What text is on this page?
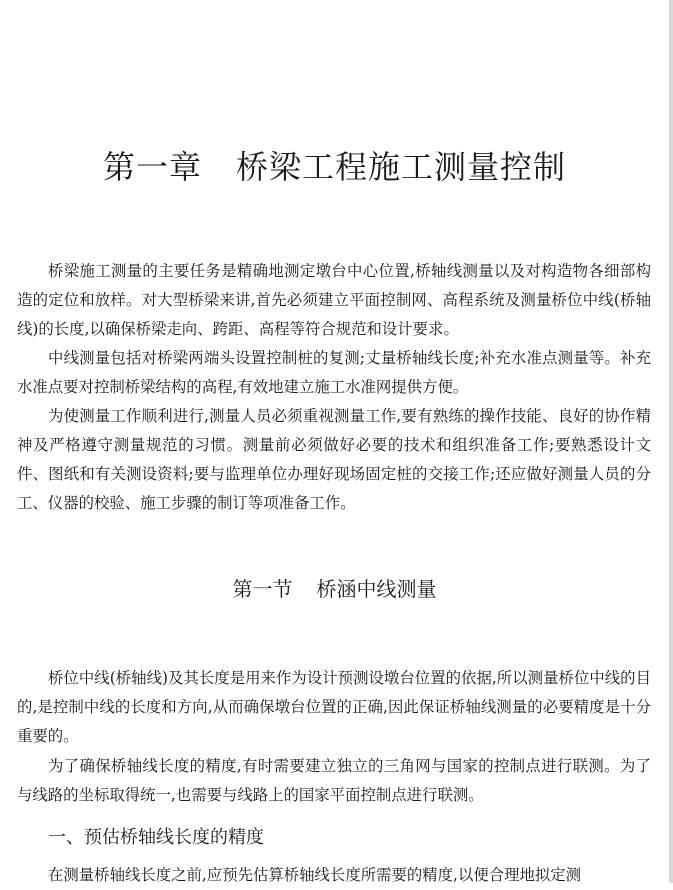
第一章 桥梁工程施工测量控制

桥梁施工测量的主要任务是精确地测定墩台中心位置,桥轴线测量以及对构造物各细部构造的定位和放样。对大型桥梁来讲,首先必须建立平面控制网、高程系统及测量桥位中线(桥轴线)的长度,以确保桥梁走向、跨距、高程等符合规范和设计要求。

中线测量包括对桥梁两端头设置控制桩的复测;丈量桥轴线长度;补充水准点测量等。补充水准点要对控制桥梁结构的高程,有效地建立施工水准网提供方便。

为使测量工作顺利进行,测量人员必须重视测量工作,要有熟练的操作技能、良好的协作精神及严格遵守测量规范的习惯。测量前必须做好必要的技术和组织准备工作;要熟悉设计文件、图纸和有关测设资料;要与监理单位办理好现场固定桩的交接工作;还应做好测量人员的分工、仪器的校验、施工步骤的制订等项准备工作。

第一节 桥涵中线测量

桥位中线(桥轴线)及其长度是用来作为设计预测设墩台位置的依据,所以测量桥位中线的目的,是控制中线的长度和方向,从而确保墩台位置的正确,因此保证桥轴线测量的必要精度是十分重要的。

为了确保桥轴线长度的精度,有时需要建立独立的三角网与国家的控制点进行联测。为了与线路的坐标取得统一,也需要与线路上的国家平面控制点进行联测。

一、预估桥轴线长度的精度

在测量桥轴线长度之前,应预先估算桥轴线长度所需要的精度,以便合理地拟定测
